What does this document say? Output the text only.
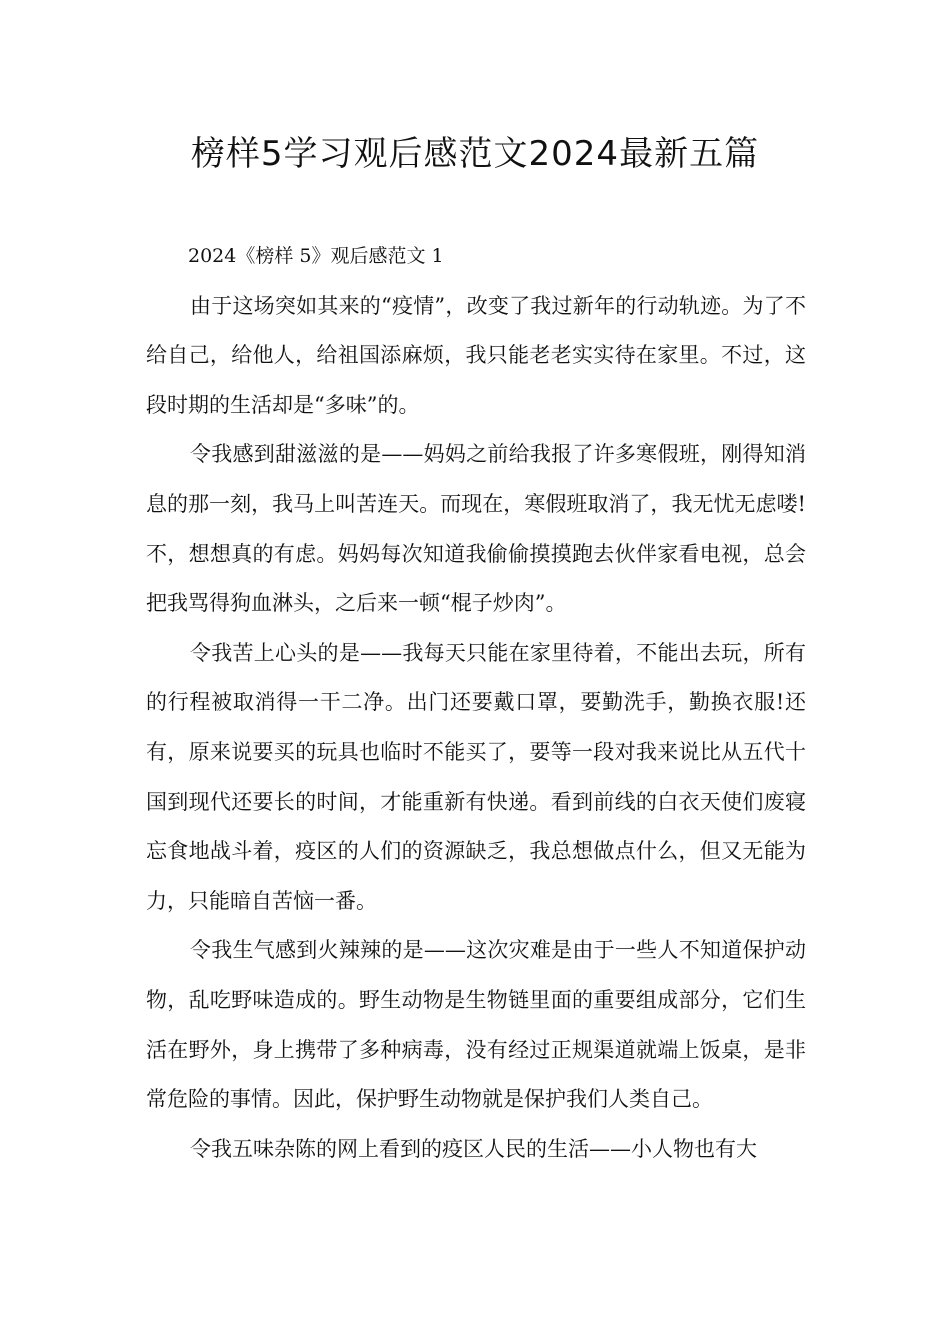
榜样5学习观后感范文2024最新五篇
2024《榜样 5》观后感范文 1

由于这场突如其来的“疫情”，改变了我过新年的行动轨迹。为了不给自己，给他人，给祖国添麻烦，我只能老老实实待在家里。不过，这段时期的生活却是“多味”的。

令我感到甜滋滋的是——妈妈之前给我报了许多寒假班，刚得知消息的那一刻，我马上叫苦连天。而现在，寒假班取消了，我无忧无虑喽!不，想想真的有虑。妈妈每次知道我偷偷摸摸跑去伙伴家看电视，总会把我骂得狗血淋头，之后来一顿“棍子炒肉”。

令我苦上心头的是——我每天只能在家里待着，不能出去玩，所有的行程被取消得一干二净。出门还要戴口罩，要勤洗手，勤换衣服!还有，原来说要买的玩具也临时不能买了，要等一段对我来说比从五代十国到现代还要长的时间，才能重新有快递。看到前线的白衣天使们废寝忘食地战斗着，疫区的人们的资源缺乏，我总想做点什么，但又无能为力，只能暗自苦恼一番。

令我生气感到火辣辣的是——这次灾难是由于一些人不知道保护动物，乱吃野味造成的。野生动物是生物链里面的重要组成部分，它们生活在野外，身上携带了多种病毒，没有经过正规渠道就端上饭桌，是非常危险的事情。因此，保护野生动物就是保护我们人类自己。

令我五味杂陈的网上看到的疫区人民的生活——小人物也有大
